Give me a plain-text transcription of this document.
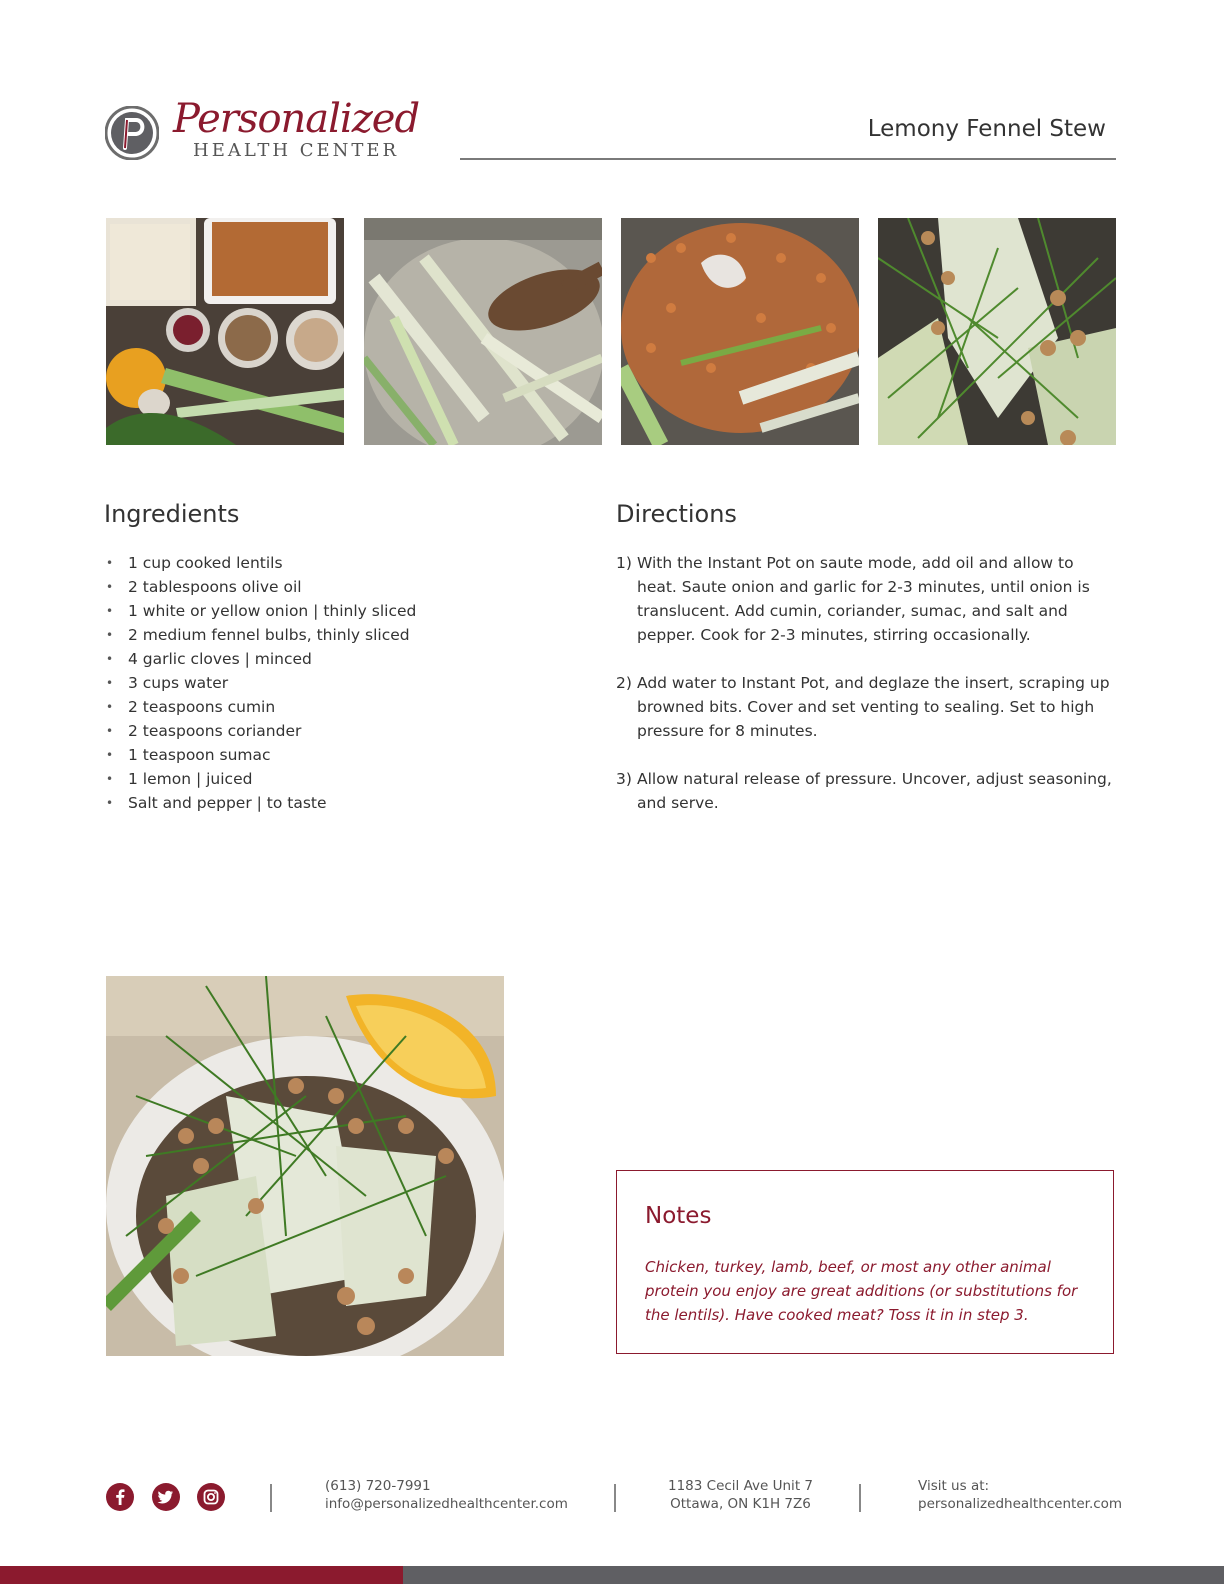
Personalized
HEALTH CENTER
Lemony Fennel Stew
Ingredients
• 1 cup cooked lentils
• 2 tablespoons olive oil
• 1 white or yellow onion | thinly sliced
• 2 medium fennel bulbs, thinly sliced
• 4 garlic cloves | minced
• 3 cups water
• 2 teaspoons cumin
• 2 teaspoons coriander
• 1 teaspoon sumac
• 1 lemon | juiced
• Salt and pepper | to taste
Directions
1) With the Instant Pot on saute mode, add oil and allow to heat. Saute onion and garlic for 2-3 minutes, until onion is translucent. Add cumin, coriander, sumac, and salt and pepper. Cook for 2-3 minutes, stirring occasionally.
2) Add water to Instant Pot, and deglaze the insert, scraping up browned bits. Cover and set venting to sealing. Set to high pressure for 8 minutes.
3) Allow natural release of pressure. Uncover, adjust seasoning, and serve.
Notes

Chicken, turkey, lamb, beef, or most any other animal protein you enjoy are great additions (or substitutions for the lentils). Have cooked meat? Toss it in in step 3.

(613) 720-7991
info@personalizedhealthcenter.com
1183 Cecil Ave Unit 7
Ottawa, ON K1H 7Z6
Visit us at:
personalizedhealthcenter.com
